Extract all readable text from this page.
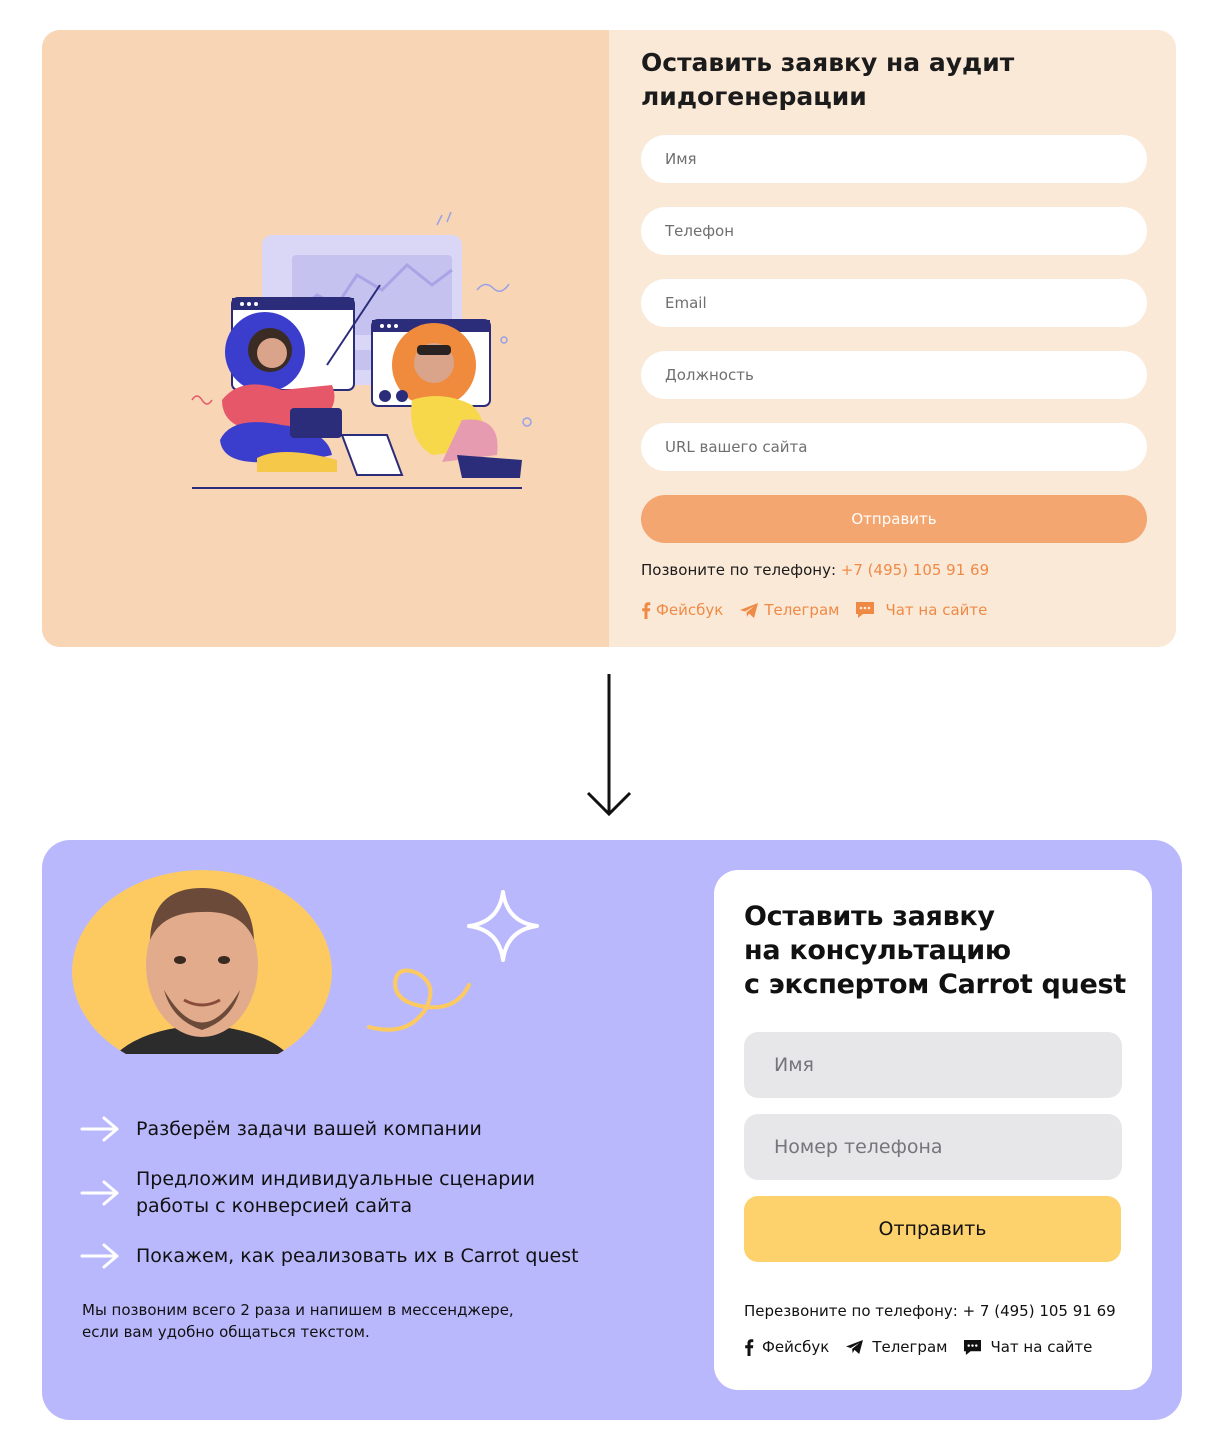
Оставить заявку на аудит
лидогенерации
Имя
Телефон
Email
Должность
URL вашего сайта
Отправить
Позвоните по телефону: +7 (495) 105 91 69
Фейсбук	Телеграм	Чат на сайте
Разберём задачи вашей компании
Предложим индивидуальные сценарии
работы с конверсией сайта
Покажем, как реализовать их в Carrot quest
Мы позвоним всего 2 раза и напишем в мессенджере,
если вам удобно общаться текстом.
Оставить заявку
на консультацию
с экспертом Carrot quest
Имя
Номер телефона
Отправить
Перезвоните по телефону: + 7 (495) 105 91 69
Фейсбук	Телеграм	Чат на сайте
